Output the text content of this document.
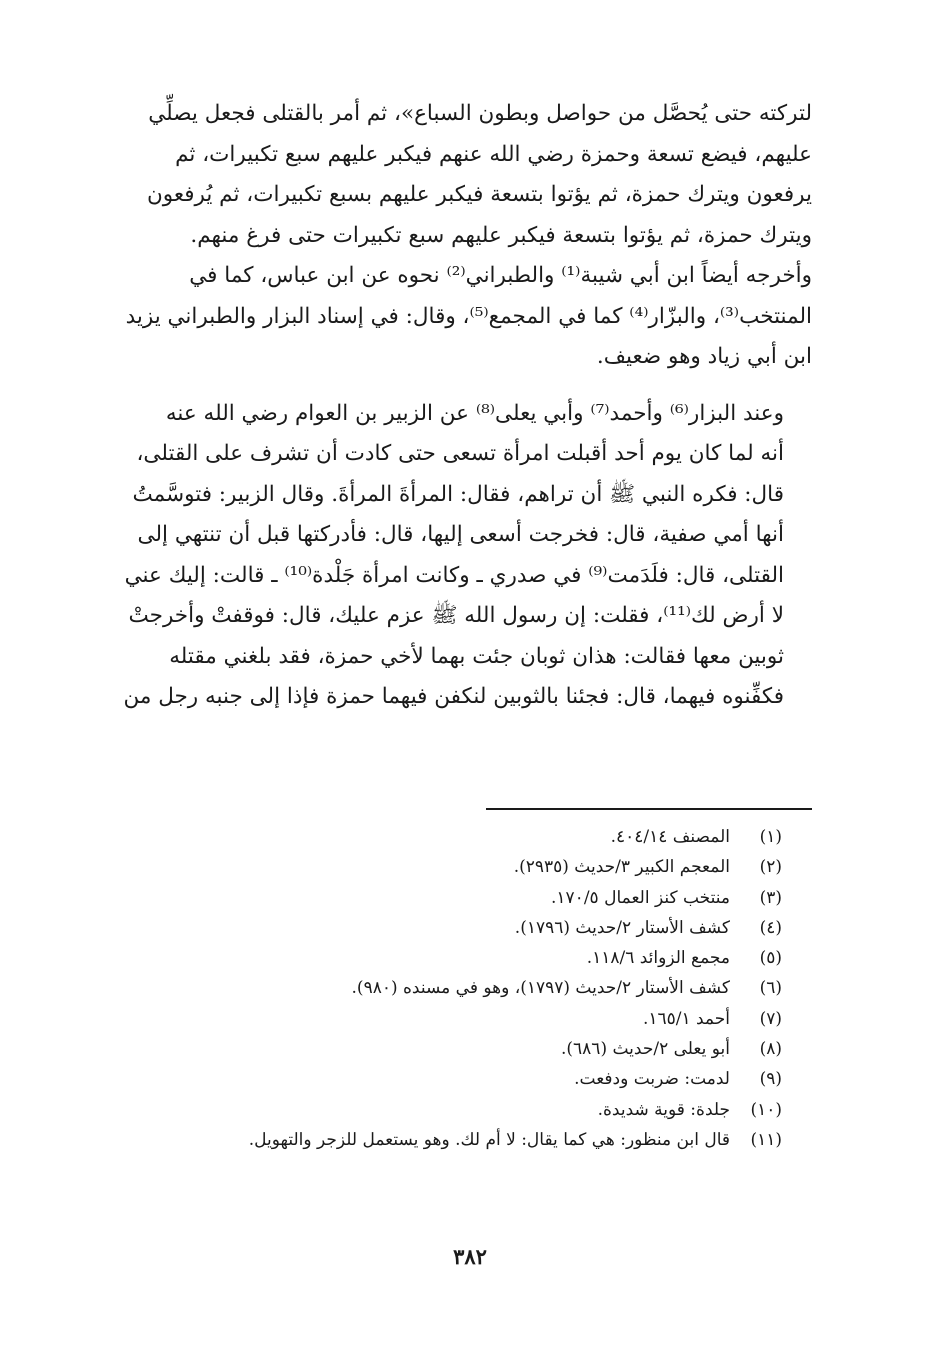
لتركته حتى يُحصَّل من حواصل وبطون السباع»، ثم أمر بالقتلى فجعل يصلِّي
عليهم، فيضع تسعة وحمزة رضي الله عنهم فيكبر عليهم سبع تكبيرات، ثم
يرفعون ويترك حمزة، ثم يؤتوا بتسعة فيكبر عليهم بسبع تكبيرات، ثم يُرفعون
ويترك حمزة، ثم يؤتوا بتسعة فيكبر عليهم سبع تكبيرات حتى فرغ منهم.
وأخرجه أيضاً ابن أبي شيبة⁽¹⁾ والطبراني⁽²⁾ نحوه عن ابن عباس، كما في
المنتخب⁽³⁾، والبزّار⁽⁴⁾ كما في المجمع⁽⁵⁾، وقال: في إسناد البزار والطبراني يزيد
ابن أبي زياد وهو ضعيف.

وعند البزار⁽⁶⁾ وأحمد⁽⁷⁾ وأبي يعلى⁽⁸⁾ عن الزبير بن العوام رضي الله عنه
أنه لما كان يوم أحد أقبلت امرأة تسعى حتى كادت أن تشرف على القتلى،
قال: فكره النبي ﷺ أن تراهم، فقال: المرأةَ المرأةَ. وقال الزبير: فتوسَّمتُ
أنها أمي صفية، قال: فخرجت أسعى إليها، قال: فأدركتها قبل أن تنتهي إلى
القتلى، قال: فلَدَمت⁽⁹⁾ في صدري ـ وكانت امرأة جَلْدة⁽¹⁰⁾ ـ قالت: إليك عني
لا أرض لك⁽¹¹⁾، فقلت: إن رسول الله ﷺ عزم عليك، قال: فوقفتْ وأخرجتْ
ثوبين معها فقالت: هذان ثوبان جئت بهما لأخي حمزة، فقد بلغني مقتله
فكفِّنوه فيهما، قال: فجئنا بالثوبين لنكفن فيهما حمزة فإذا إلى جنبه رجل من

(١)
المصنف ٤٠٤/١٤.
(٢)
المعجم الكبير ٣/حديث (٢٩٣٥).
(٣)
منتخب كنز العمال ١٧٠/٥.
(٤)
كشف الأستار ٢/حديث (١٧٩٦).
(٥)
مجمع الزوائد ١١٨/٦.
(٦)
كشف الأستار ٢/حديث (١٧٩٧)، وهو في مسنده (٩٨٠).
(٧)
أحمد ١٦٥/١.
(٨)
أبو يعلى ٢/حديث (٦٨٦).
(٩)
لدمت: ضربت ودفعت.
(١٠)
جلدة: قوية شديدة.
(١١)
قال ابن منظور: هي كما يقال: لا أم لك. وهو يستعمل للزجر والتهويل.
٣٨٢
